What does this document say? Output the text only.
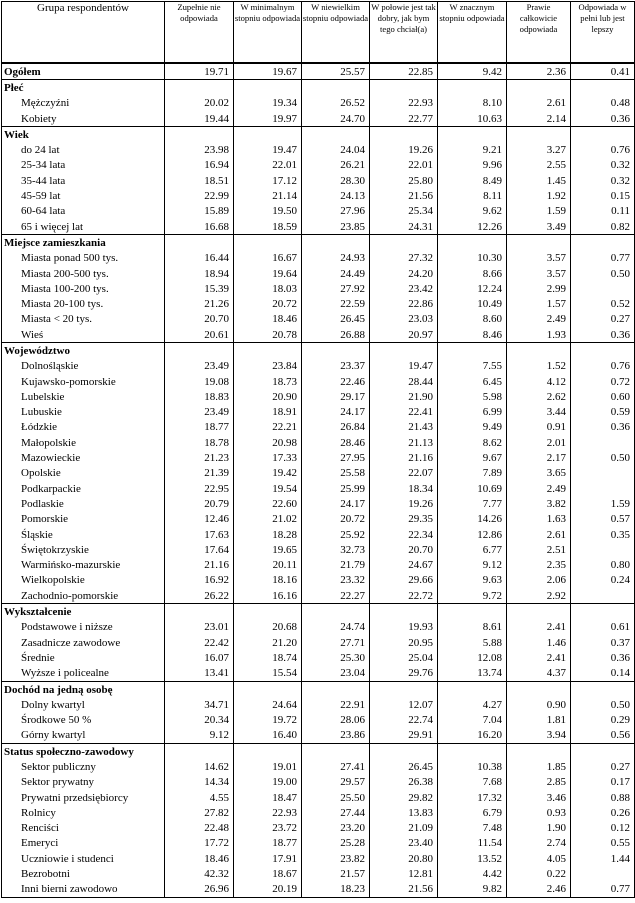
Grupa respondentów	Zupełnie nie odpowiada	W minimalnym stopniu odpowiada	W niewielkim stopniu odpowiada	W połowie jest tak dobry, jak bym tego chciał(a)	W znacznym stopniu odpowiada	Prawie całkowicie odpowiada	Odpowiada w pełni lub jest lepszy
Ogółem	19.71	19.67	25.57	22.85	9.42	2.36	0.41
Płeć							
Mężczyźni	20.02	19.34	26.52	22.93	8.10	2.61	0.48
Kobiety	19.44	19.97	24.70	22.77	10.63	2.14	0.36
Wiek							
do 24 lat	23.98	19.47	24.04	19.26	9.21	3.27	0.76
25-34 lata	16.94	22.01	26.21	22.01	9.96	2.55	0.32
35-44 lata	18.51	17.12	28.30	25.80	8.49	1.45	0.32
45-59 lat	22.99	21.14	24.13	21.56	8.11	1.92	0.15
60-64 lata	15.89	19.50	27.96	25.34	9.62	1.59	0.11
65 i więcej lat	16.68	18.59	23.85	24.31	12.26	3.49	0.82
Miejsce zamieszkania							
Miasta ponad 500 tys.	16.44	16.67	24.93	27.32	10.30	3.57	0.77
Miasta 200-500 tys.	18.94	19.64	24.49	24.20	8.66	3.57	0.50
Miasta 100-200 tys.	15.39	18.03	27.92	23.42	12.24	2.99	
Miasta 20-100 tys.	21.26	20.72	22.59	22.86	10.49	1.57	0.52
Miasta < 20 tys.	20.70	18.46	26.45	23.03	8.60	2.49	0.27
Wieś	20.61	20.78	26.88	20.97	8.46	1.93	0.36
Województwo							
Dolnośląskie	23.49	23.84	23.37	19.47	7.55	1.52	0.76
Kujawsko-pomorskie	19.08	18.73	22.46	28.44	6.45	4.12	0.72
Lubelskie	18.83	20.90	29.17	21.90	5.98	2.62	0.60
Lubuskie	23.49	18.91	24.17	22.41	6.99	3.44	0.59
Łódzkie	18.77	22.21	26.84	21.43	9.49	0.91	0.36
Małopolskie	18.78	20.98	28.46	21.13	8.62	2.01	
Mazowieckie	21.23	17.33	27.95	21.16	9.67	2.17	0.50
Opolskie	21.39	19.42	25.58	22.07	7.89	3.65	
Podkarpackie	22.95	19.54	25.99	18.34	10.69	2.49	
Podlaskie	20.79	22.60	24.17	19.26	7.77	3.82	1.59
Pomorskie	12.46	21.02	20.72	29.35	14.26	1.63	0.57
Śląskie	17.63	18.28	25.92	22.34	12.86	2.61	0.35
Świętokrzyskie	17.64	19.65	32.73	20.70	6.77	2.51	
Warmińsko-mazurskie	21.16	20.11	21.79	24.67	9.12	2.35	0.80
Wielkopolskie	16.92	18.16	23.32	29.66	9.63	2.06	0.24
Zachodnio-pomorskie	26.22	16.16	22.27	22.72	9.72	2.92	
Wykształcenie							
Podstawowe i niższe	23.01	20.68	24.74	19.93	8.61	2.41	0.61
Zasadnicze zawodowe	22.42	21.20	27.71	20.95	5.88	1.46	0.37
Średnie	16.07	18.74	25.30	25.04	12.08	2.41	0.36
Wyższe i policealne	13.41	15.54	23.04	29.76	13.74	4.37	0.14
Dochód na jedną osobę							
Dolny kwartyl	34.71	24.64	22.91	12.07	4.27	0.90	0.50
Środkowe 50 %	20.34	19.72	28.06	22.74	7.04	1.81	0.29
Górny kwartyl	9.12	16.40	23.86	29.91	16.20	3.94	0.56
Status społeczno-zawodowy							
Sektor publiczny	14.62	19.01	27.41	26.45	10.38	1.85	0.27
Sektor prywatny	14.34	19.00	29.57	26.38	7.68	2.85	0.17
Prywatni przedsiębiorcy	4.55	18.47	25.50	29.82	17.32	3.46	0.88
Rolnicy	27.82	22.93	27.44	13.83	6.79	0.93	0.26
Renciści	22.48	23.72	23.20	21.09	7.48	1.90	0.12
Emeryci	17.72	18.77	25.28	23.40	11.54	2.74	0.55
Uczniowie i studenci	18.46	17.91	23.82	20.80	13.52	4.05	1.44
Bezrobotni	42.32	18.67	21.57	12.81	4.42	0.22	
Inni bierni zawodowo	26.96	20.19	18.23	21.56	9.82	2.46	0.77
